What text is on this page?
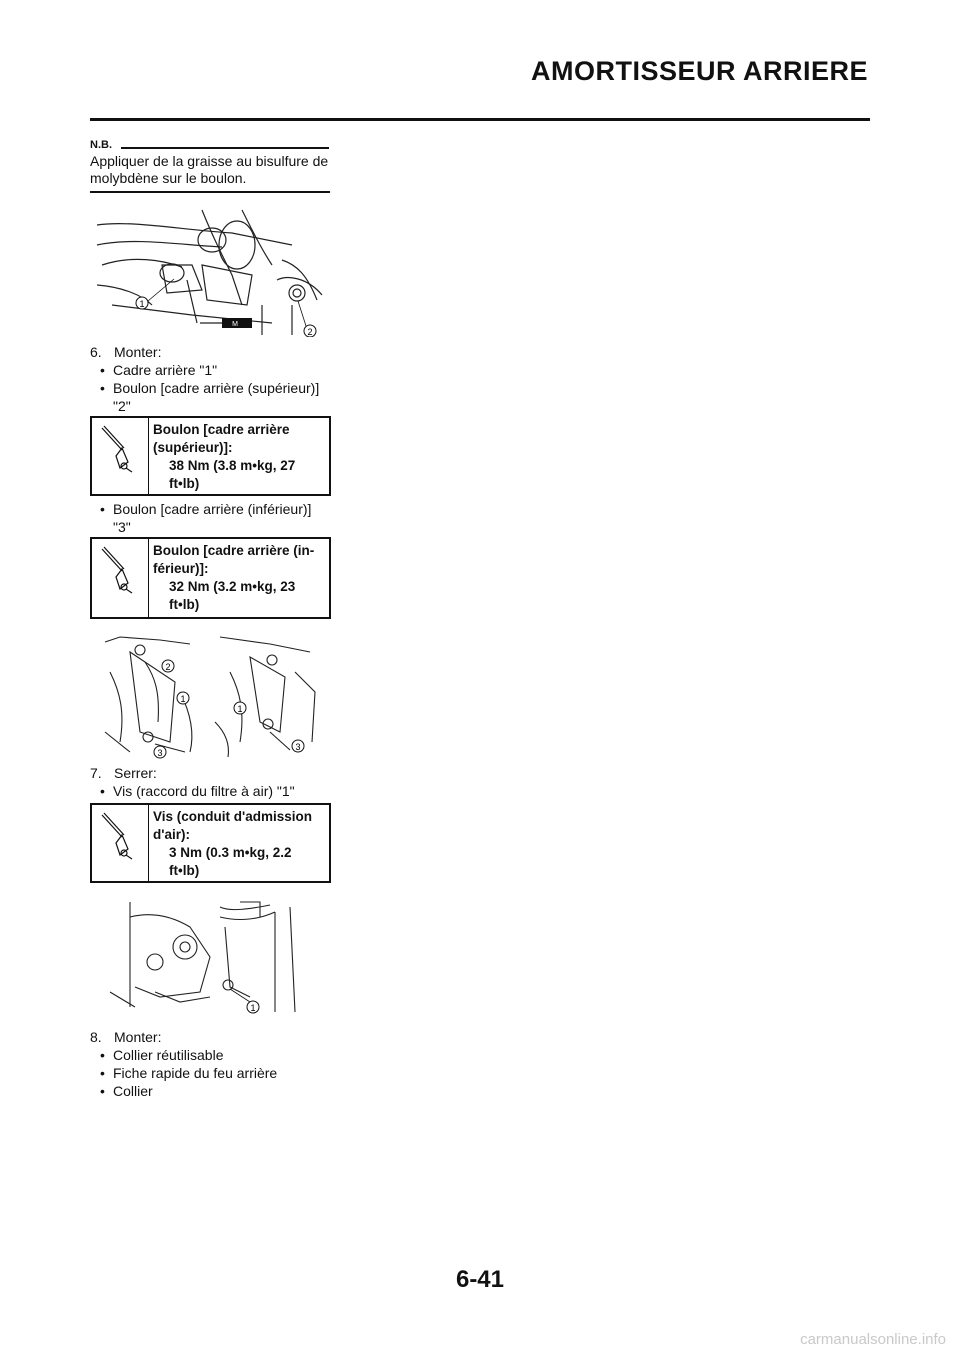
AMORTISSEUR ARRIERE
N.B.
Appliquer de la graisse au bisulfure de molybdène sur le boulon.
M
1
2
6. Monter:
• Cadre arrière "1"
• Boulon [cadre arrière (supérieur)]
"2"
Boulon [cadre arrière
(supérieur)]:
38 Nm (3.8 m•kg, 27
ft•lb)
• Boulon [cadre arrière (inférieur)]
"3"
Boulon [cadre arrière (in-
férieur)]:
32 Nm (3.2 m•kg, 23
ft•lb)
2
1
3
1
3
7. Serrer:
• Vis (raccord du filtre à air) "1"
Vis (conduit d'admission
d'air):
3 Nm (0.3 m•kg, 2.2
ft•lb)
1
8. Monter:
• Collier réutilisable
• Fiche rapide du feu arrière
• Collier
6-41
carmanualsonline.info
